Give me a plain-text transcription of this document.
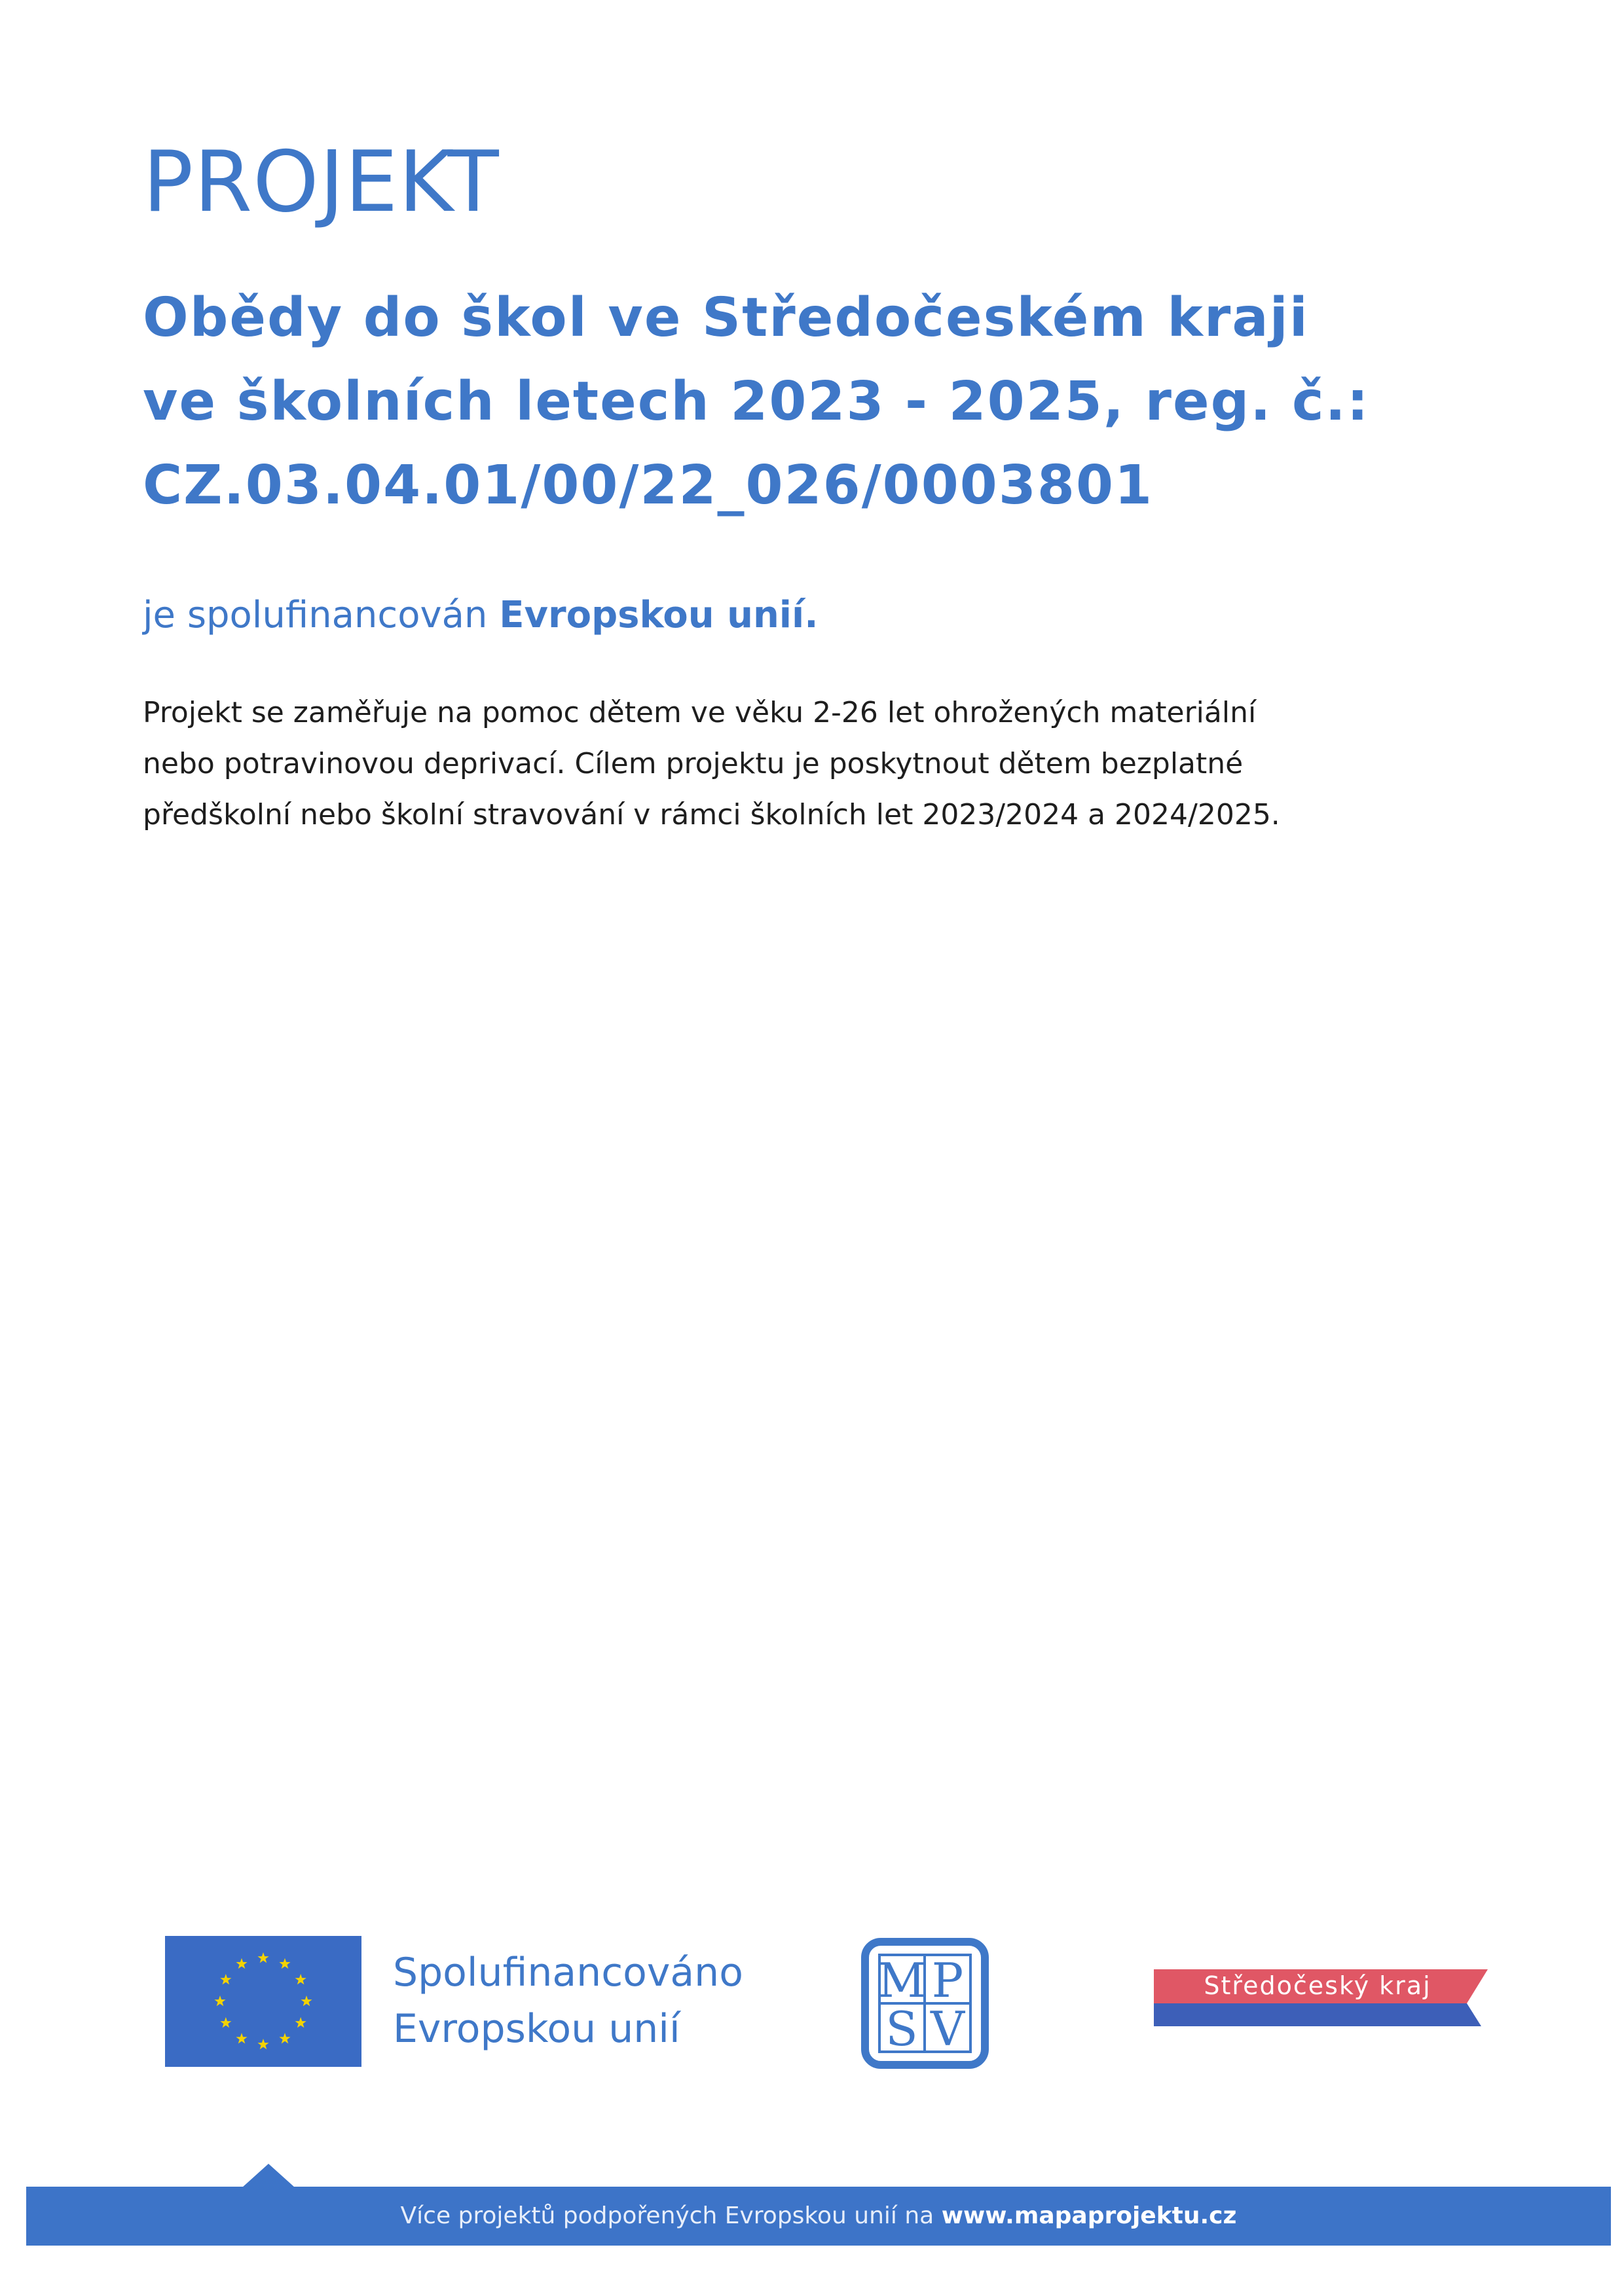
PROJEKT
Obědy do škol ve Středočeském kraji
ve školních letech 2023 - 2025, reg. č.:
CZ.03.04.01/00/22_026/0003801

je spolufinancován Evropskou unií.

Projekt se zaměřuje na pomoc dětem ve věku 2-26 let ohrožených materiální
nebo potravinovou deprivací. Cílem projektu je poskytnout dětem bezplatné
předškolní nebo školní stravování v rámci školních let 2023/2024 a 2024/2025.

Spolufinancováno
Evropskou unií
M P
S V
Středočeský kraj
Více projektů podpořených Evropskou unií na www.mapaprojektu.cz
